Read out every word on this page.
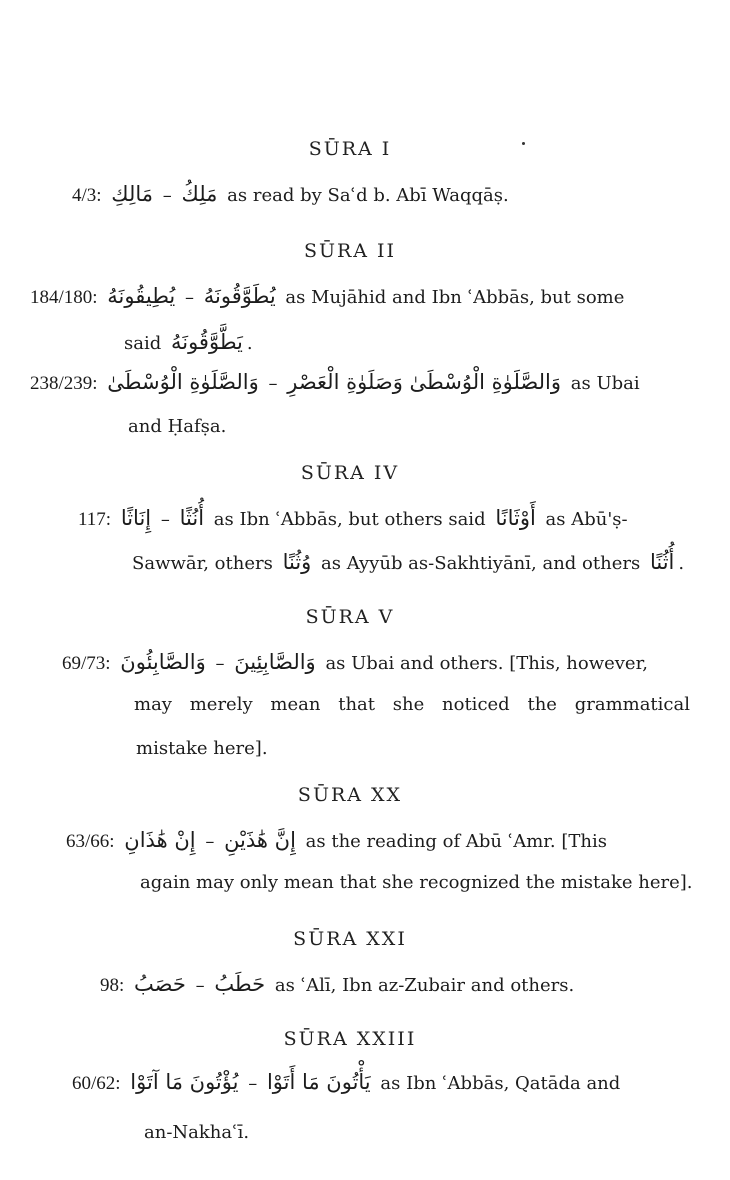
SŪRA I
4/3: مَالِكِ – مَلِكُ as read by Saʿd b. Abī Waqqāṣ.
SŪRA II
184/180: يُطِيقُونَهُ – يُطَوَّقُونَهُ as Mujāhid and Ibn ʿAbbās, but some
said يَطَّوَّقُونَهُ .
238/239: وَالصَّلَوٰةِ الْوُسْطَىٰ – وَالصَّلَوٰةِ الْوُسْطَىٰ وَصَلَوٰةِ الْعَصْرِ as Ubai
and Ḥafṣa.
SŪRA IV
117: إِنَاثًا – أُنُثًا as Ibn ʿAbbās, but others said أَوْثَانًا as Abū'ṣ-
Sawwār, others وُثُنًا as Ayyūb as-Sakhtiyānī, and others أُثُنًا .
SŪRA V
69/73: وَالصَّابِئُونَ – وَالصَّابِئِينَ as Ubai and others. [This, however,
may merely mean that she noticed the grammatical
mistake here].
SŪRA XX
63/66: إِنْ هَٰذَانِ – إِنَّ هَٰذَيْنِ as the reading of Abū ʿAmr. [This
again may only mean that she recognized the mistake here].
SŪRA XXI
98: حَصَبُ – حَطَبُ as ʿAlī, Ibn az-Zubair and others.
SŪRA XXIII
60/62: يُؤْتُونَ مَا آتَوْا – يَأْتُونَ مَا أَتَوْا as Ibn ʿAbbās, Qatāda and
an-Nakhaʿī.
